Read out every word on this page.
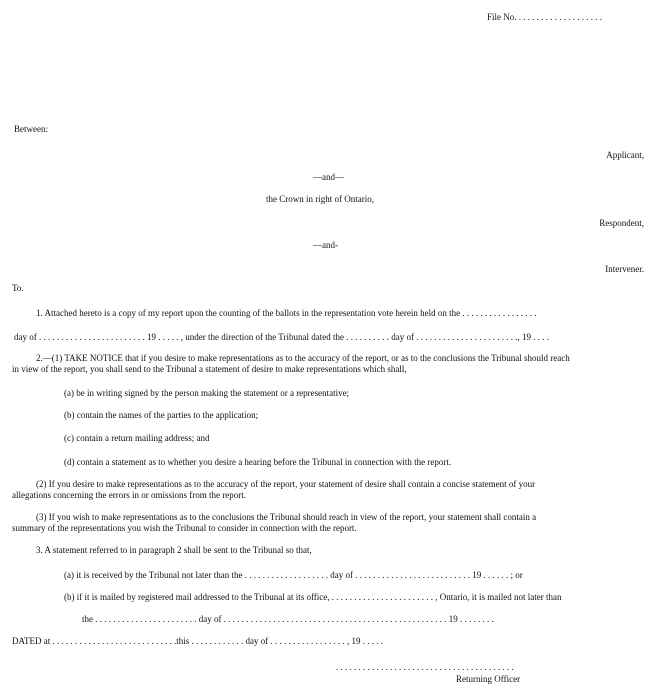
File No. . . . . . . . . . . . . . . . . . . .
Between:
Applicant,
—and—
the Crown in right of Ontario,
Respondent,
—and-
Intervener.
To.
1. Attached hereto is a copy of my report upon the counting of the ballots in the representation vote herein held on the . . . . . . . . . . . . . . . . .
day of . . . . . . . . . . . . . . . . . . . . . . . . 19 . . . . . , under the direction of the Tribunal dated the . . . . . . . . . . day of . . . . . . . . . . . . . . . . . . . . . . ., 19 . . . .
2.—(1) TAKE NOTICE that if you desire to make representations as to the accuracy of the report, or as to the conclusions the Tribunal should reach
in view of the report, you shall send to the Tribunal a statement of desire to make representations which shall,
(a) be in writing signed by the person making the statement or a representative;
(b) contain the names of the parties to the application;
(c) contain a return mailing address; and
(d) contain a statement as to whether you desire a hearing before the Tribunal in connection with the report.
(2) If you desire to make representations as to the accuracy of the report, your statement of desire shall contain a concise statement of your
allegations concerning the errors in or omissions from the report.
(3) If you wish to make representations as to the conclusions the Tribunal should reach in view of the report, your statement shall contain a
summary of the representations you wish the Tribunal to consider in connection with the report.
3. A statement referred to in paragraph 2 shall be sent to the Tribunal so that,
(a) it is received by the Tribunal not later than the . . . . . . . . . . . . . . . . . . . day of . . . . . . . . . . . . . . . . . . . . . . . . . . 19 . . . . . . ; or
(b) if it is mailed by registered mail addressed to the Tribunal at its office, . . . . . . . . . . . . . . . . . . . . . . . , Ontario, it is mailed not later than
the . . . . . . . . . . . . . . . . . . . . . . . day of . . . . . . . . . . . . . . . . . . . . . . . . . . . . . . . . . . . . . . . . . . . . . . . . . . 19 . . . . . . . .
DATED at . . . . . . . . . . . . . . . . . . . . . . . . . . . .this . . . . . . . . . . . . day of . . . . . . . . . . . . . . . . . , 19 . . . . .
. . . . . . . . . . . . . . . . . . . . . . . . . . . . . . . . . . . . . . . .
Returning Officer
